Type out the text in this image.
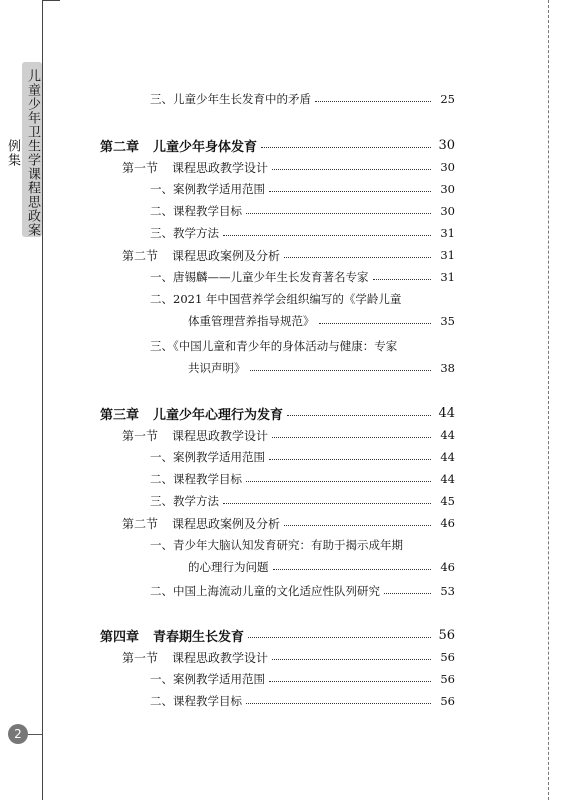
儿童少年卫生学课程思政案例集
2
三、儿童少年生长发育中的矛盾	25
第二章 儿童少年身体发育	30
第一节 课程思政教学设计	30
一、案例教学适用范围	30
二、课程教学目标	30
三、教学方法	31
第二节 课程思政案例及分析	31
一、唐锡麟——儿童少年生长发育著名专家	31
二、2021 年中国营养学会组织编写的《学龄儿童
体重管理营养指导规范》	35
三、《中国儿童和青少年的身体活动与健康：专家
共识声明》	38
第三章 儿童少年心理行为发育	44
第一节 课程思政教学设计	44
一、案例教学适用范围	44
二、课程教学目标	44
三、教学方法	45
第二节 课程思政案例及分析	46
一、青少年大脑认知发育研究：有助于揭示成年期
的心理行为问题	46
二、中国上海流动儿童的文化适应性队列研究	53
第四章 青春期生长发育	56
第一节 课程思政教学设计	56
一、案例教学适用范围	56
二、课程教学目标	56
